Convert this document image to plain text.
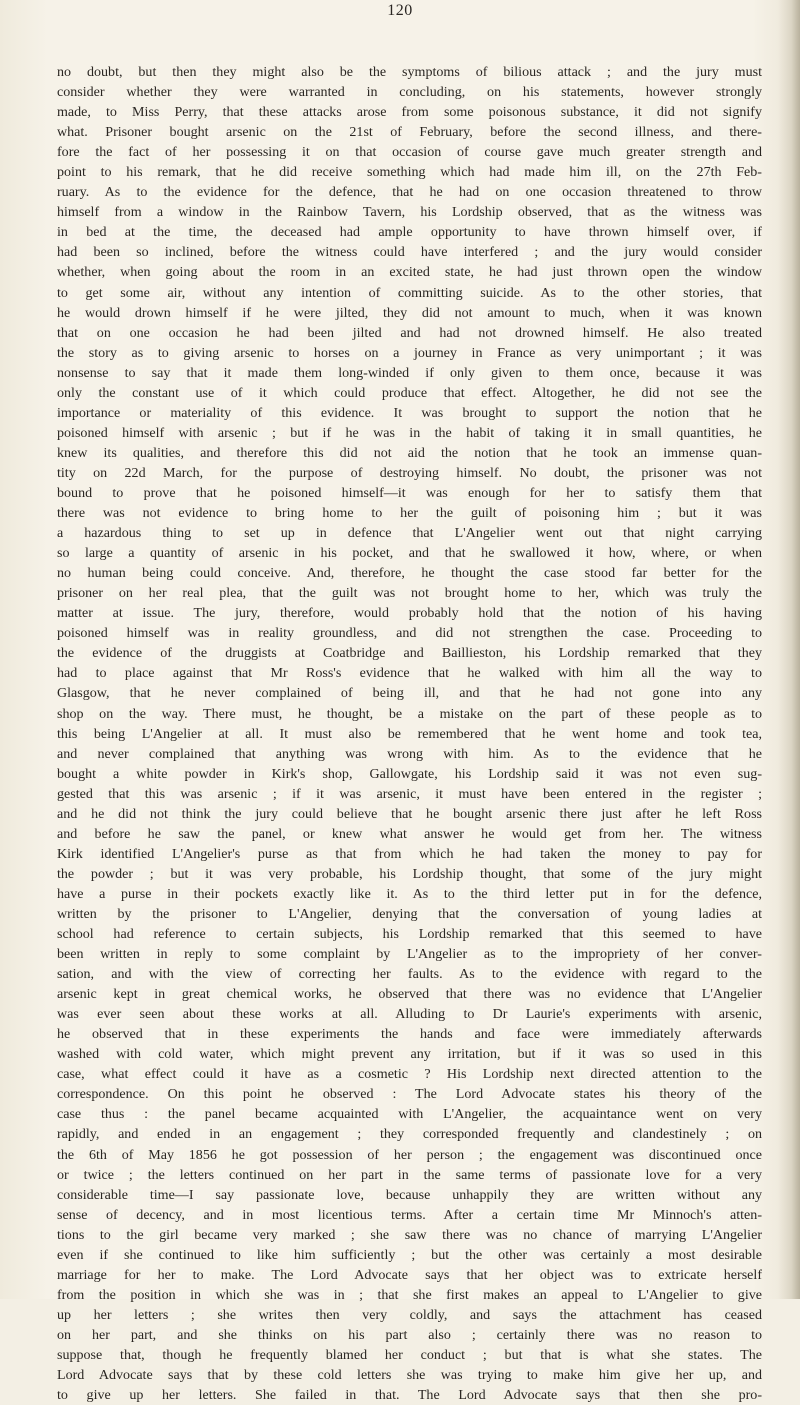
120
no doubt, but then they might also be the symptoms of bilious attack ; and the jury must
consider whether they were warranted in concluding, on his statements, however strongly
made, to Miss Perry, that these attacks arose from some poisonous substance, it did not signify
what. Prisoner bought arsenic on the 21st of February, before the second illness, and there-
fore the fact of her possessing it on that occasion of course gave much greater strength and
point to his remark, that he did receive something which had made him ill, on the 27th Feb-
ruary. As to the evidence for the defence, that he had on one occasion threatened to throw
himself from a window in the Rainbow Tavern, his Lordship observed, that as the witness was
in bed at the time, the deceased had ample opportunity to have thrown himself over, if
had been so inclined, before the witness could have interfered ; and the jury would consider
whether, when going about the room in an excited state, he had just thrown open the window
to get some air, without any intention of committing suicide. As to the other stories, that
he would drown himself if he were jilted, they did not amount to much, when it was known
that on one occasion he had been jilted and had not drowned himself. He also treated
the story as to giving arsenic to horses on a journey in France as very unimportant ; it was
nonsense to say that it made them long-winded if only given to them once, because it was
only the constant use of it which could produce that effect. Altogether, he did not see the
importance or materiality of this evidence. It was brought to support the notion that he
poisoned himself with arsenic ; but if he was in the habit of taking it in small quantities, he
knew its qualities, and therefore this did not aid the notion that he took an immense quan-
tity on 22d March, for the purpose of destroying himself. No doubt, the prisoner was not
bound to prove that he poisoned himself—it was enough for her to satisfy them that
there was not evidence to bring home to her the guilt of poisoning him ; but it was
a hazardous thing to set up in defence that L'Angelier went out that night carrying
so large a quantity of arsenic in his pocket, and that he swallowed it how, where, or when
no human being could conceive. And, therefore, he thought the case stood far better for the
prisoner on her real plea, that the guilt was not brought home to her, which was truly the
matter at issue. The jury, therefore, would probably hold that the notion of his having
poisoned himself was in reality groundless, and did not strengthen the case. Proceeding to
the evidence of the druggists at Coatbridge and Baillieston, his Lordship remarked that they
had to place against that Mr Ross's evidence that he walked with him all the way to
Glasgow, that he never complained of being ill, and that he had not gone into any
shop on the way. There must, he thought, be a mistake on the part of these people as to
this being L'Angelier at all. It must also be remembered that he went home and took tea,
and never complained that anything was wrong with him. As to the evidence that he
bought a white powder in Kirk's shop, Gallowgate, his Lordship said it was not even sug-
gested that this was arsenic ; if it was arsenic, it must have been entered in the register ;
and he did not think the jury could believe that he bought arsenic there just after he left Ross
and before he saw the panel, or knew what answer he would get from her. The witness
Kirk identified L'Angelier's purse as that from which he had taken the money to pay for
the powder ; but it was very probable, his Lordship thought, that some of the jury might
have a purse in their pockets exactly like it. As to the third letter put in for the defence,
written by the prisoner to L'Angelier, denying that the conversation of young ladies at
school had reference to certain subjects, his Lordship remarked that this seemed to have
been written in reply to some complaint by L'Angelier as to the impropriety of her conver-
sation, and with the view of correcting her faults. As to the evidence with regard to the
arsenic kept in great chemical works, he observed that there was no evidence that L'Angelier
was ever seen about these works at all. Alluding to Dr Laurie's experiments with arsenic,
he observed that in these experiments the hands and face were immediately afterwards
washed with cold water, which might prevent any irritation, but if it was so used in this
case, what effect could it have as a cosmetic ? His Lordship next directed attention to the
correspondence. On this point he observed : The Lord Advocate states his theory of the
case thus : the panel became acquainted with L'Angelier, the acquaintance went on very
rapidly, and ended in an engagement ; they corresponded frequently and clandestinely ; on
the 6th of May 1856 he got possession of her person ; the engagement was discontinued once
or twice ; the letters continued on her part in the same terms of passionate love for a very
considerable time—I say passionate love, because unhappily they are written without any
sense of decency, and in most licentious terms. After a certain time Mr Minnoch's atten-
tions to the girl became very marked ; she saw there was no chance of marrying L'Angelier
even if she continued to like him sufficiently ; but the other was certainly a most desirable
marriage for her to make. The Lord Advocate says that her object was to extricate herself
from the position in which she was in ; that she first makes an appeal to L'Angelier to give
up her letters ; she writes then very coldly, and says the attachment has ceased
on her part, and she thinks on his part also ; certainly there was no reason to
suppose that, though he frequently blamed her conduct ; but that is what she states. The
Lord Advocate says that by these cold letters she was trying to make him give her up, and
to give up her letters. She failed in that. The Lord Advocate says that then she pro-
